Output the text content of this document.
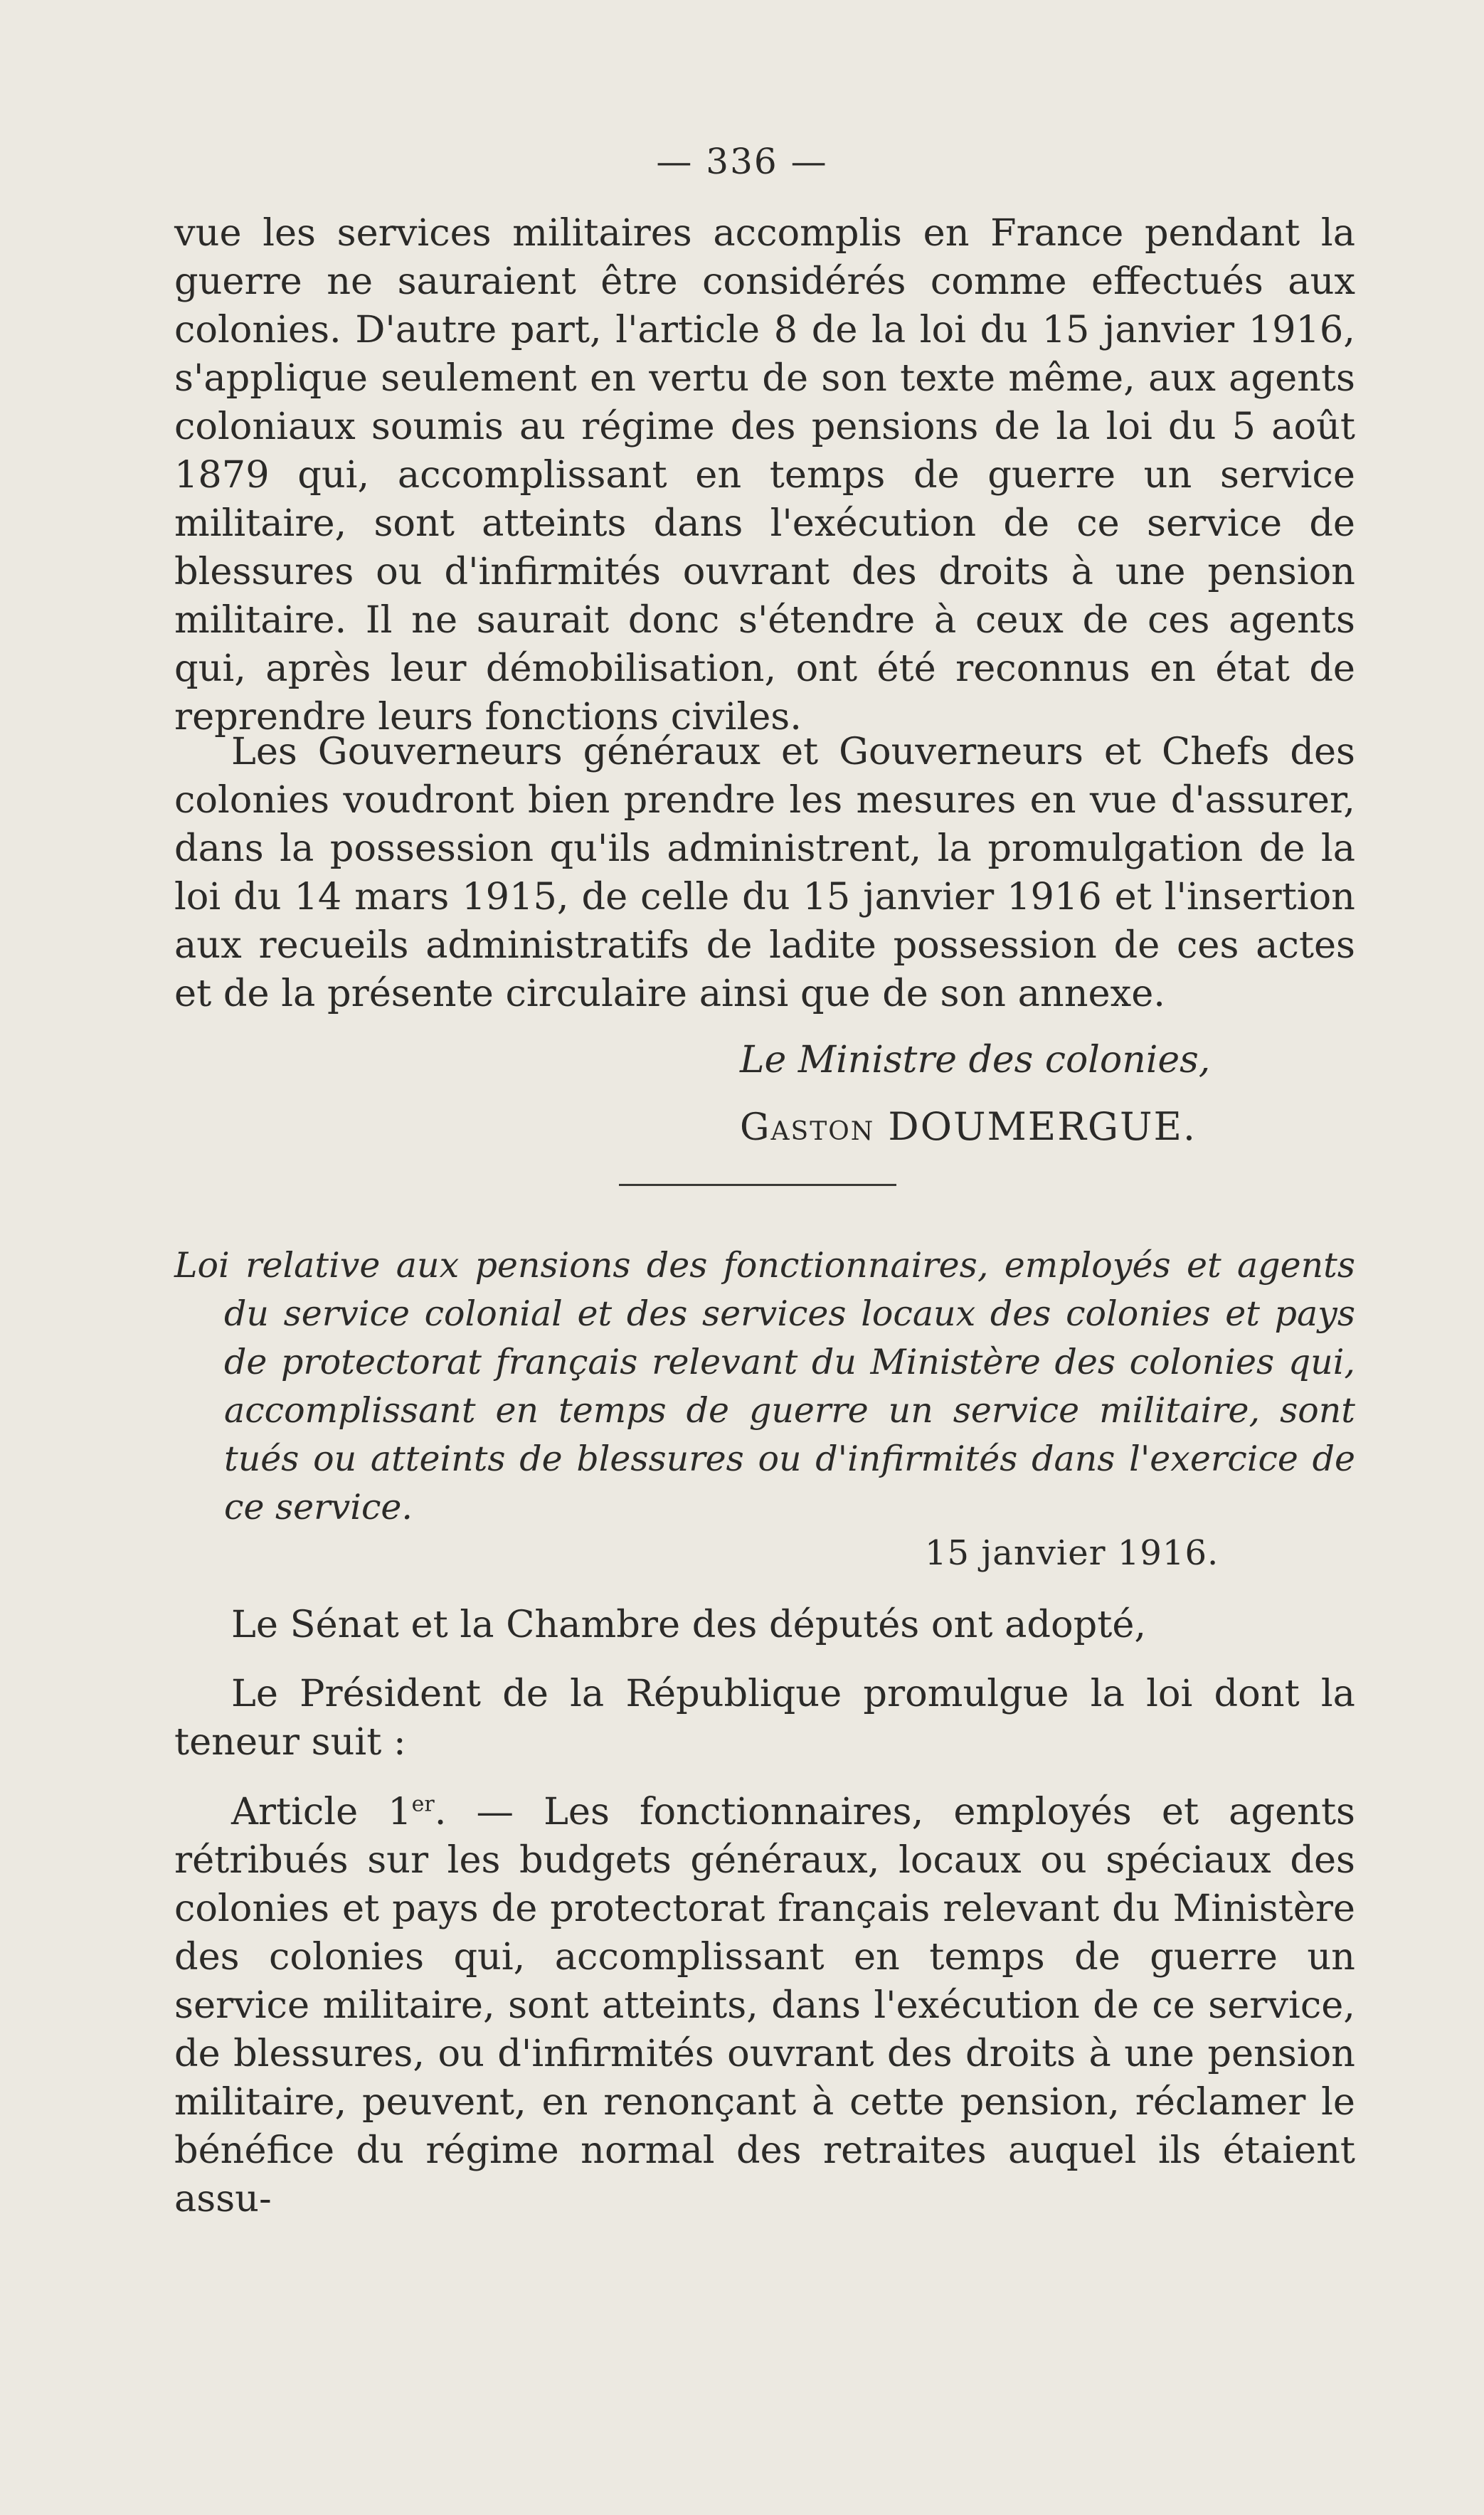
— 336 —
vue les services militaires accomplis en France pendant la guerre ne sauraient être considérés comme effectués aux colonies. D'autre part, l'article 8 de la loi du 15 janvier 1916, s'applique seulement en vertu de son texte même, aux agents coloniaux soumis au régime des pensions de la loi du 5 août 1879 qui, accomplissant en temps de guerre un service militaire, sont atteints dans l'exécution de ce service de blessures ou d'infirmités ouvrant des droits à une pension militaire. Il ne saurait donc s'étendre à ceux de ces agents qui, après leur démobilisation, ont été reconnus en état de reprendre leurs fonctions civiles.
Les Gouverneurs généraux et Gouverneurs et Chefs des colonies voudront bien prendre les mesures en vue d'assurer, dans la possession qu'ils administrent, la promulgation de la loi du 14 mars 1915, de celle du 15 janvier 1916 et l'insertion aux recueils administratifs de ladite possession de ces actes et de la présente circulaire ainsi que de son annexe.
Le Ministre des colonies,
Gaston DOUMERGUE.
Loi relative aux pensions des fonctionnaires, employés et agents du service colonial et des services locaux des colonies et pays de protectorat français relevant du Ministère des colonies qui, accomplissant en temps de guerre un service militaire, sont tués ou atteints de blessures ou d'infirmités dans l'exercice de ce service.
15 janvier 1916.
Le Sénat et la Chambre des députés ont adopté,
Le Président de la République promulgue la loi dont la teneur suit :
Article 1er. — Les fonctionnaires, employés et agents rétribués sur les budgets généraux, locaux ou spéciaux des colonies et pays de protectorat français relevant du Ministère des colonies qui, accomplissant en temps de guerre un service militaire, sont atteints, dans l'exécution de ce service, de blessures, ou d'infirmités ouvrant des droits à une pension militaire, peuvent, en renonçant à cette pension, réclamer le bénéfice du régime normal des retraites auquel ils étaient assu-
